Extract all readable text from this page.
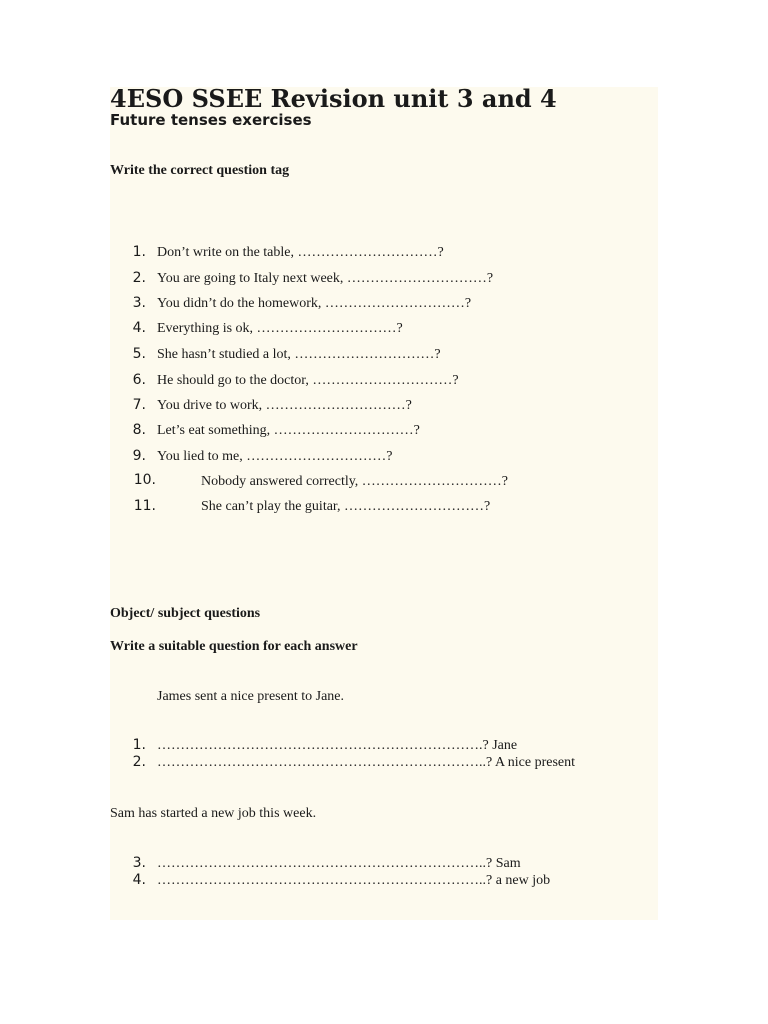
4ESO SSEE Revision unit 3 and 4
Future tenses exercises
Write the correct question tag
1. Don’t write on the table, …………………………?
2. You are going to Italy next week, …………………………?
3. You didn’t do the homework, …………………………?
4. Everything is ok, …………………………?
5. She hasn’t studied a lot, …………………………?
6. He should go to the doctor, …………………………?
7. You drive to work, …………………………?
8. Let’s eat something, …………………………?
9. You lied to me, …………………………?
10.	Nobody answered correctly, …………………………?
11.	She can’t play the guitar, …………………………?
Object/ subject questions
Write a suitable question for each answer
James sent a nice present to Jane.
1. …………………………………………………………….? Jane
2. ……………………………………………………………..? A nice present
Sam has started a new job this week.
3. ……………………………………………………………..? Sam
4. ……………………………………………………………..? a new job
